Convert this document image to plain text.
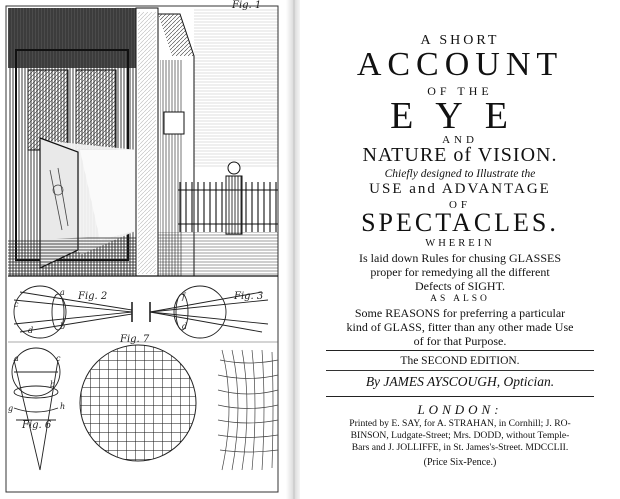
Fig. 1
Fig. 2	Fig. 3
Fig. 6
Fig. 7
c
a
d	b
a	c
b
h
g
f
d
A SHORT
ACCOUNT
OF THE
EYE
AND
NATURE of VISION.
Chiefly designed to Illustrate the
USE and ADVANTAGE
OF
SPECTACLES.
WHEREIN
Is laid down Rules for chusing GLASSES
proper for remedying all the different
Defects of SIGHT.
AS ALSO
Some REASONS for preferring a particular
kind of GLASS, fitter than any other made Use
of for that Purpose.
The SECOND EDITION.
By JAMES AYSCOUGH, Optician.
LONDON:
Printed by E. SAY, for A. STRAHAN, in Cornhill; J. RO-
BINSON, Ludgate-Street; Mrs. DODD, without Temple-
Bars and J. JOLLIFFE, in St. James's-Street. MDCCLII.
(Price Six-Pence.)
